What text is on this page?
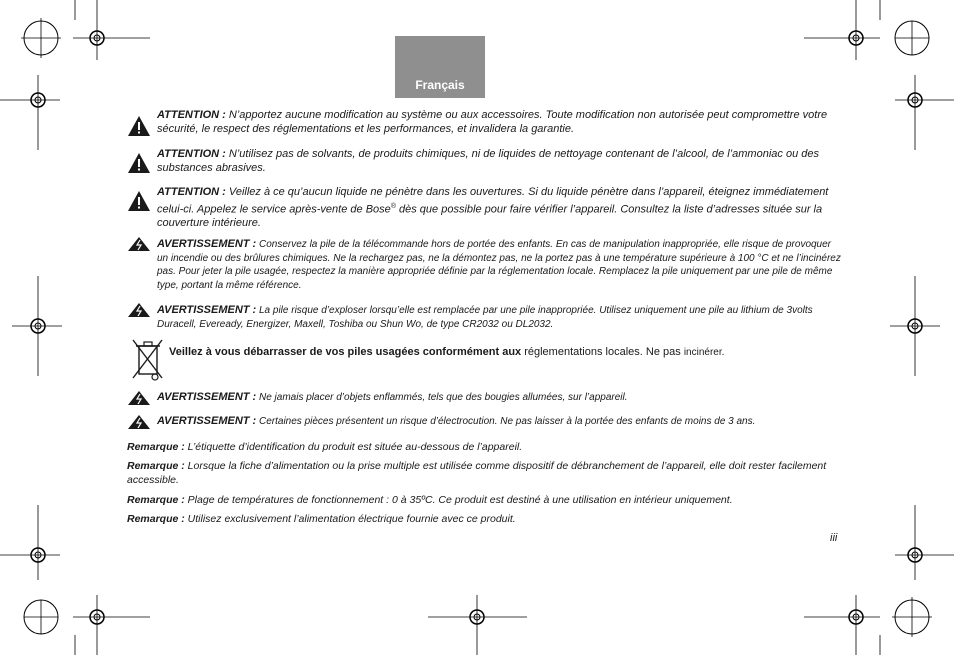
Français
ATTENTION : N’apportez aucune modification au système ou aux accessoires. Toute modification non autorisée peut compromettre votre sécurité, le respect des réglementations et les performances, et invalidera la garantie.
ATTENTION : N’utilisez pas de solvants, de produits chimiques, ni de liquides de nettoyage contenant de l’alcool, de l’ammoniac ou des substances abrasives.
ATTENTION : Veillez à ce qu’aucun liquide ne pénètre dans les ouvertures. Si du liquide pénètre dans l’appareil, éteignez immédiatement celui-ci. Appelez le service après-vente de Bose® dès que possible pour faire vérifier l’appareil. Consultez la liste d’adresses située sur la couverture intérieure.
AVERTISSEMENT : Conservez la pile de la télécommande hors de portée des enfants. En cas de manipulation inappropriée, elle risque de provoquer un incendie ou des brûlures chimiques. Ne la rechargez pas, ne la démontez pas, ne la portez pas à une température supérieure à 100 °C et ne l’incinérez pas. Pour jeter la pile usagée, respectez la manière appropriée définie par la réglementation locale. Remplacez la pile uniquement par une pile de même type, portant la même référence.
AVERTISSEMENT : La pile risque d’exploser lorsqu’elle est remplacée par une pile inappropriée. Utilisez uniquement une pile au lithium de 3volts Duracell, Eveready, Energizer, Maxell, Toshiba ou Shun Wo, de type CR2032 ou DL2032.
Veillez à vous débarrasser de vos piles usagées conformément aux réglementations locales. Ne pas incinérer.
AVERTISSEMENT : Ne jamais placer d’objets enflammés, tels que des bougies allumées, sur l’appareil.
AVERTISSEMENT : Certaines pièces présentent un risque d’électrocution. Ne pas laisser à la portée des enfants de moins de 3 ans.
Remarque : L’étiquette d’identification du produit est située au-dessous de l’appareil.
Remarque : Lorsque la fiche d’alimentation ou la prise multiple est utilisée comme dispositif de débranchement de l’appareil, elle doit rester facilement accessible.
Remarque : Plage de températures de fonctionnement : 0 à 35ºC. Ce produit est destiné à une utilisation en intérieur uniquement.
Remarque : Utilisez exclusivement l’alimentation électrique fournie avec ce produit.
iii
